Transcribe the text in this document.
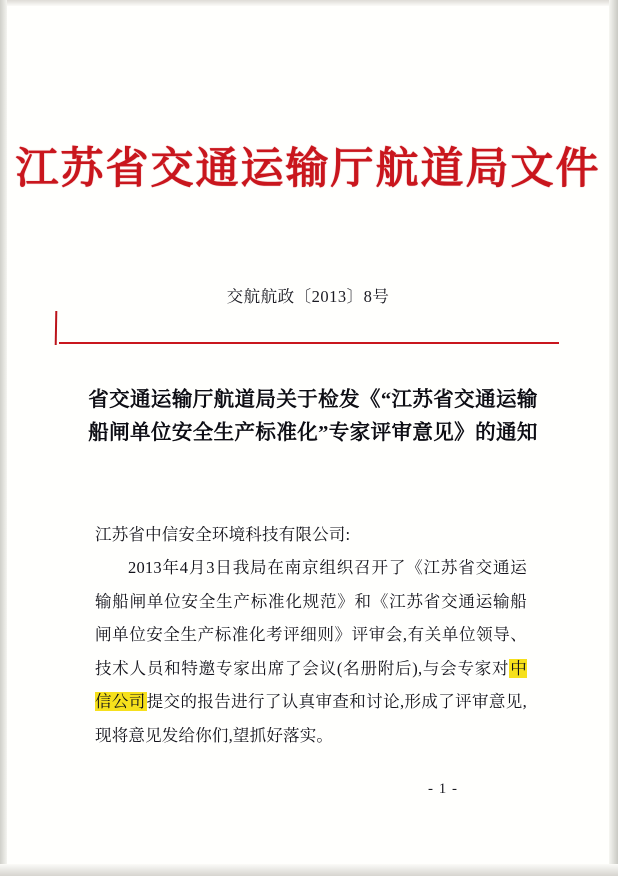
江苏省交通运输厅航道局文件
交航航政〔2013〕8号
省交通运输厅航道局关于检发《“江苏省交通运输船闸单位安全生产标准化”专家评审意见》的通知

江苏省中信安全环境科技有限公司:

2013年4月3日我局在南京组织召开了《江苏省交通运输船闸单位安全生产标准化规范》和《江苏省交通运输船闸单位安全生产标准化考评细则》评审会,有关单位领导、技术人员和特邀专家出席了会议(名册附后),与会专家对中信公司提交的报告进行了认真审查和讨论,形成了评审意见,现将意见发给你们,望抓好落实。

- 1 -
